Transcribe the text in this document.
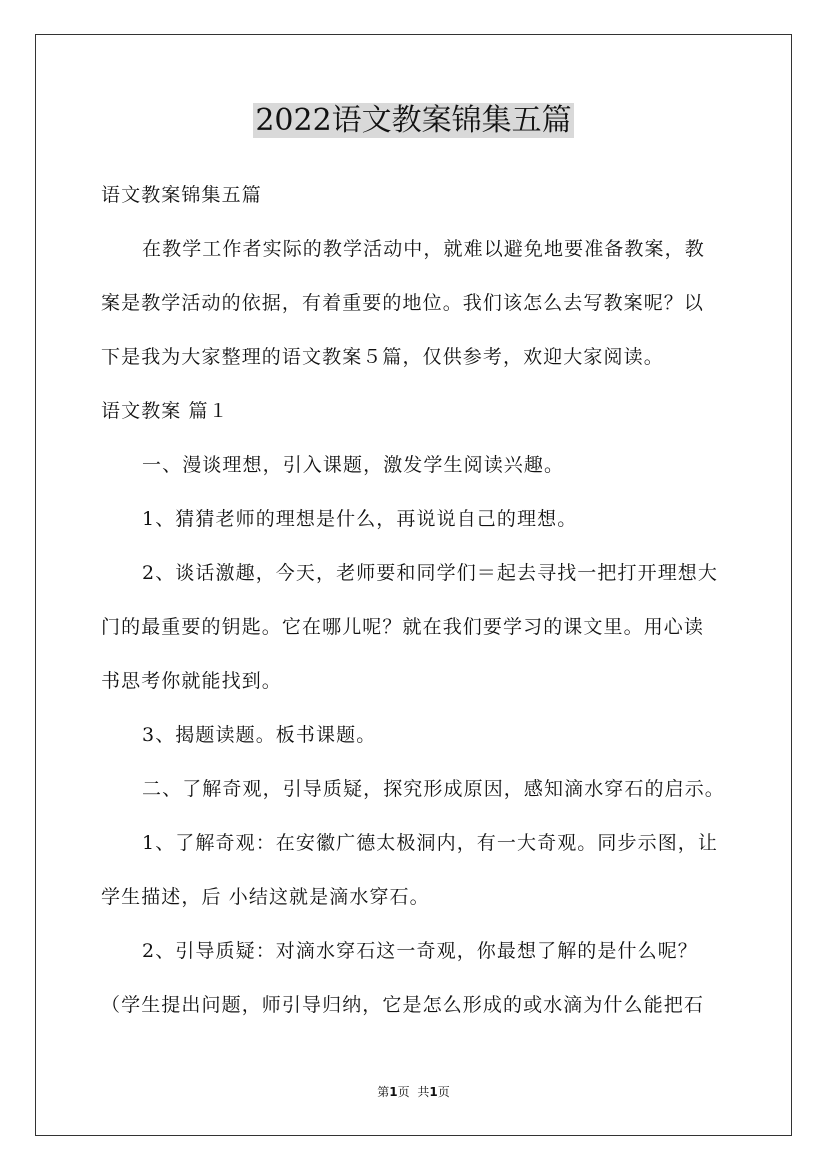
2022语文教案锦集五篇
语文教案锦集五篇
在教学工作者实际的教学活动中，就难以避免地要准备教案，教
案是教学活动的依据，有着重要的地位。我们该怎么去写教案呢？以
下是我为大家整理的语文教案５篇，仅供参考，欢迎大家阅读。
语文教案 篇１
一、漫谈理想，引入课题，激发学生阅读兴趣。
1、猜猜老师的理想是什么，再说说自己的理想。
2、谈话激趣，今天，老师要和同学们＝起去寻找一把打开理想大
门的最重要的钥匙。它在哪儿呢？就在我们要学习的课文里。用心读
书思考你就能找到。
3、揭题读题。板书课题。
二、了解奇观，引导质疑，探究形成原因，感知滴水穿石的启示。
1、了解奇观：在安徽广德太极洞内，有一大奇观。同步示图，让
学生描述，后 小结这就是滴水穿石。
2、引导质疑：对滴水穿石这一奇观，你最想了解的是什么呢？
（学生提出问题，师引导归纳，它是怎么形成的或水滴为什么能把石
第1页 共1页
